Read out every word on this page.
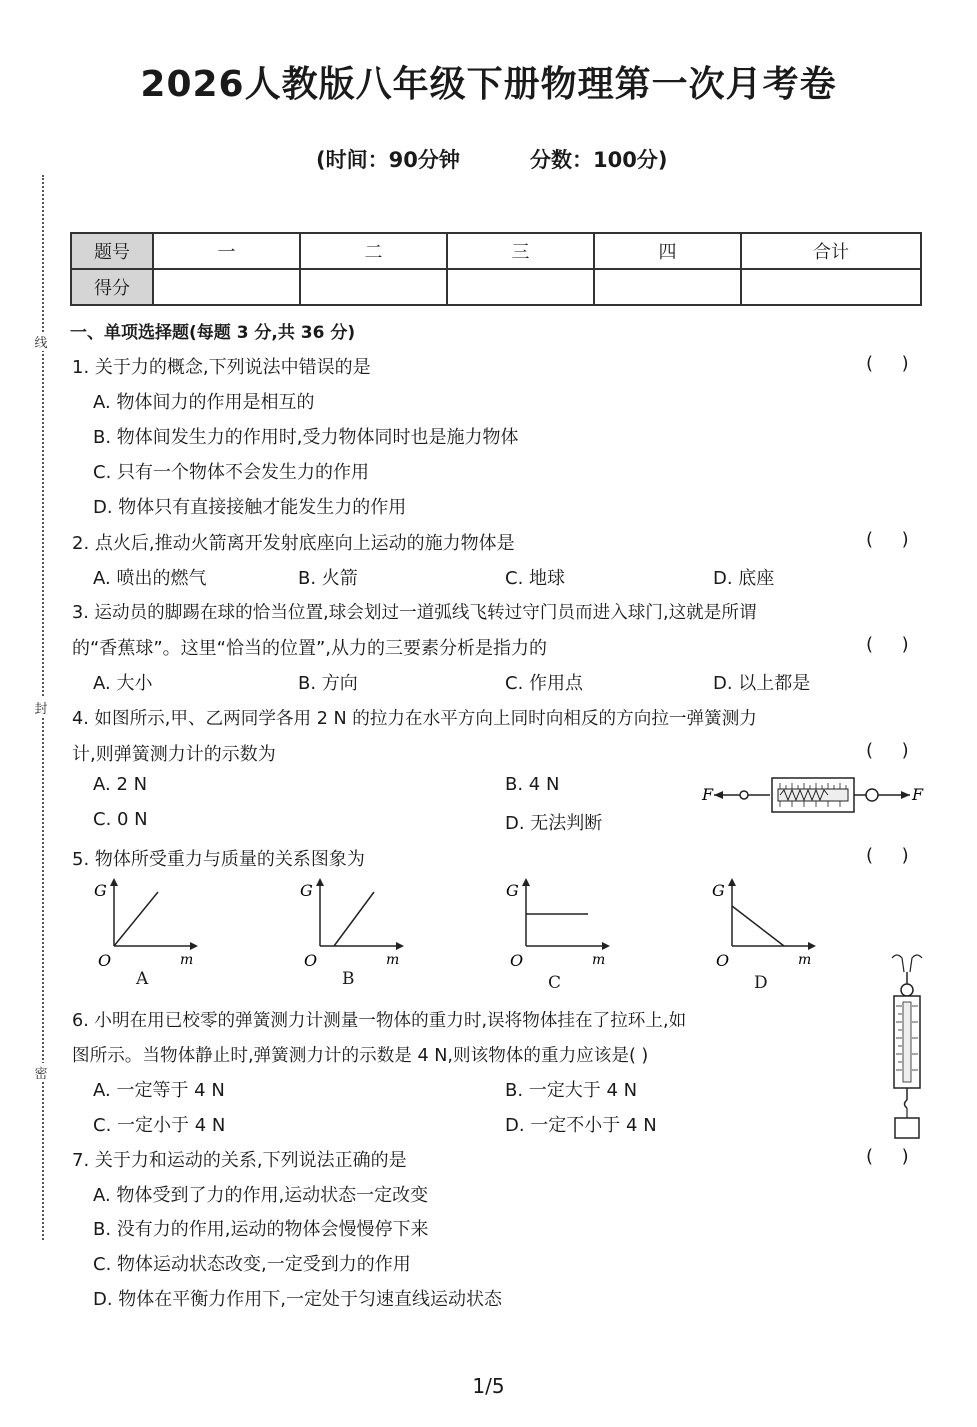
2026人教版八年级下册物理第一次月考卷
(时间：90分钟	分数：100分)
线
封
密
题号	一	二	三	四	合计
得分					
一、单项选择题(每题 3 分,共 36 分)
1. 关于力的概念,下列说法中错误的是	(     )
A. 物体间力的作用是相互的
B. 物体间发生力的作用时,受力物体同时也是施力物体
C. 只有一个物体不会发生力的作用
D. 物体只有直接接触才能发生力的作用
2. 点火后,推动火箭离开发射底座向上运动的施力物体是	(     )
A. 喷出的燃气	B. 火箭	C. 地球	D. 底座
3. 运动员的脚踢在球的恰当位置,球会划过一道弧线飞转过守门员而进入球门,这就是所谓
的“香蕉球”。这里“恰当的位置”,从力的三要素分析是指力的	(     )
A. 大小	B. 方向	C. 作用点	D. 以上都是
4. 如图所示,甲、乙两同学各用 2 N 的拉力在水平方向上同时向相反的方向拉一弹簧测力
计,则弹簧测力计的示数为	(     )
A. 2 N	B. 4 N
C. 0 N	D. 无法判断
F	F
5. 物体所受重力与质量的关系图象为	(     )
G
m
O
A
G
m
O
B
G
m
O
C
G
m
O
D
6. 小明在用已校零的弹簧测力计测量一物体的重力时,误将物体挂在了拉环上,如
图所示。当物体静止时,弹簧测力计的示数是 4 N,则该物体的重力应该是( )
A. 一定等于 4 N	B. 一定大于 4 N
C. 一定小于 4 N	D. 一定不小于 4 N
7. 关于力和运动的关系,下列说法正确的是	(     )
A. 物体受到了力的作用,运动状态一定改变
B. 没有力的作用,运动的物体会慢慢停下来
C. 物体运动状态改变,一定受到力的作用
D. 物体在平衡力作用下,一定处于匀速直线运动状态
1/5
